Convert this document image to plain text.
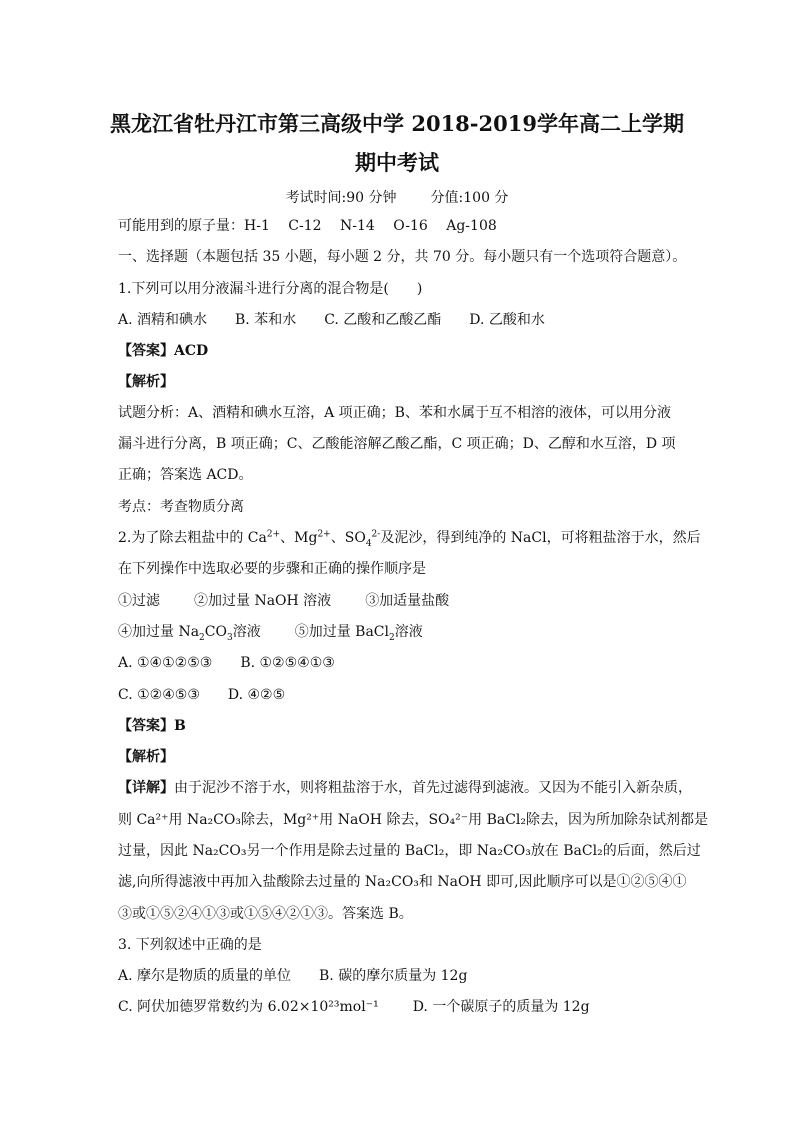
黑龙江省牡丹江市第三高级中学 2018-2019学年高二上学期
期中考试
考试时间:90 分钟 分值:100 分
可能用到的原子量：H-1　 C-12　 N-14　 O-16　 Ag-108
一、选择题（本题包括 35 小题，每小题 2 分，共 70 分。每小题只有一个选项符合题意）。
1.下列可以用分液漏斗进行分离的混合物是(　　)
A. 酒精和碘水　　B. 苯和水　　C. 乙酸和乙酸乙酯　　D. 乙酸和水
【答案】ACD
【解析】
试题分析：A、酒精和碘水互溶，A 项正确；B、苯和水属于互不相溶的液体，可以用分液
漏斗进行分离，B 项正确；C、乙酸能溶解乙酸乙酯，C 项正确；D、乙醇和水互溶，D 项
正确；答案选 ACD。
考点：考查物质分离
2.为了除去粗盐中的 $Ca^{2+}$、$Mg^{2+}$、$SO_4^{2-}$及泥沙，得到纯净的 NaCl，可将粗盐溶于水，然后
在下列操作中选取必要的步骤和正确的操作顺序是
①过滤 ②加过量 NaOH 溶液 ③加适量盐酸
④加过量 $Na_2CO_3$溶液 ⑤加过量 BaCl$_2$溶液
A. ①④①②⑤③　　B. ①②⑤④①③
C. ①②④⑤③　　D. ④②⑤
【答案】B
【解析】
【详解】由于泥沙不溶于水，则将粗盐溶于水，首先过滤得到滤液。又因为不能引入新杂质，
则 Ca²⁺用 Na₂CO₃除去，Mg²⁺用 NaOH 除去，SO₄²⁻用 BaCl₂除去，因为所加除杂试剂都是
过量，因此 Na₂CO₃另一个作用是除去过量的 BaCl₂，即 Na₂CO₃放在 BaCl₂的后面，然后过
滤,向所得滤液中再加入盐酸除去过量的 Na₂CO₃和 NaOH 即可,因此顺序可以是①②⑤④①
③或①⑤②④①③或①⑤④②①③。答案选 B。
3. 下列叙述中正确的是
A. 摩尔是物质的质量的单位　　B. 碳的摩尔质量为 12g
C. 阿伏加德罗常数约为 6.02×10²³mol⁻¹ D. 一个碳原子的质量为 12g
